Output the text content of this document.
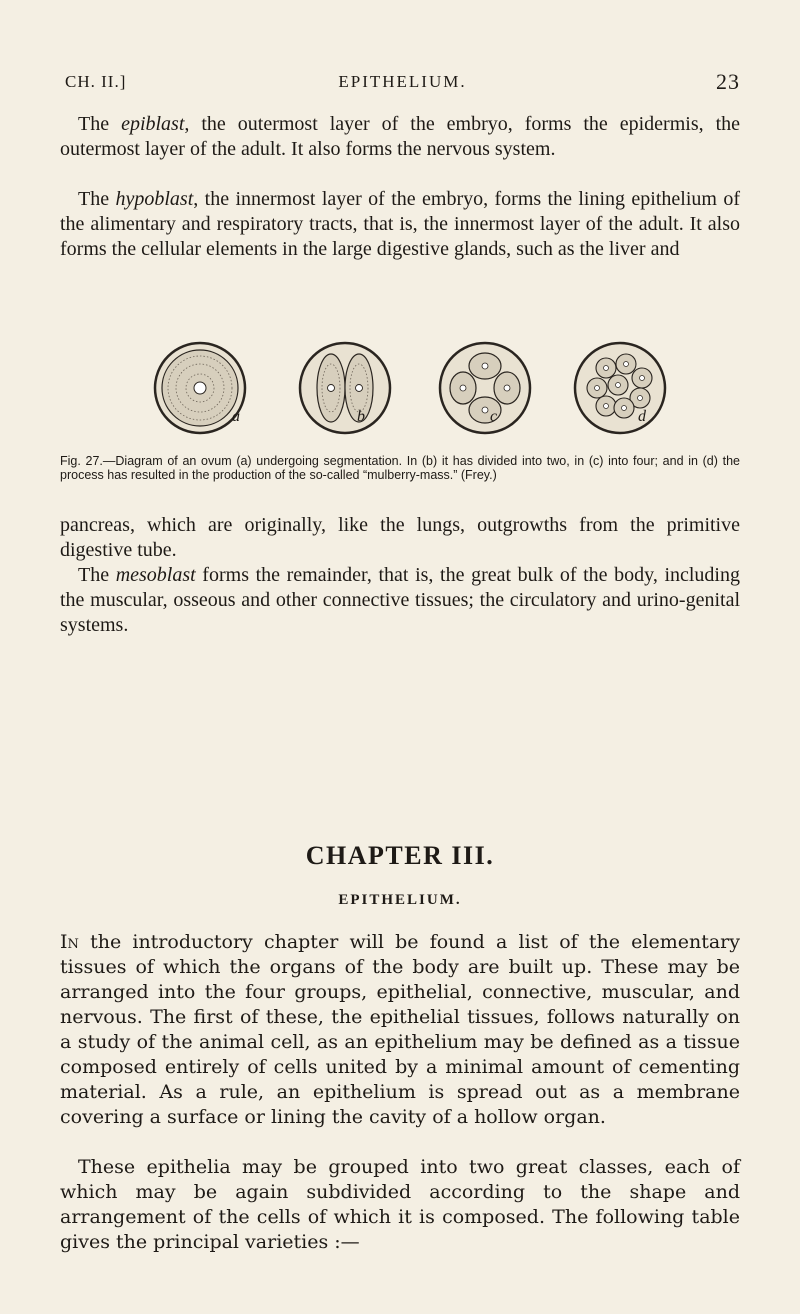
CH. II.]	EPITHELIUM.	23

The epiblast, the outermost layer of the embryo, forms the epidermis, the outermost layer of the adult. It also forms the nervous system.

The hypoblast, the innermost layer of the embryo, forms the lining epithelium of the alimentary and respiratory tracts, that is, the innermost layer of the adult. It also forms the cellular elements in the large digestive glands, such as the liver and

a	b	c	d

Fig. 27.—Diagram of an ovum (a) undergoing segmentation. In (b) it has divided into two, in (c) into four; and in (d) the process has resulted in the production of the so-called “mulberry-mass.” (Frey.)

pancreas, which are originally, like the lungs, outgrowths from the primitive digestive tube.

The mesoblast forms the remainder, that is, the great bulk of the body, including the muscular, osseous and other connective tissues; the circulatory and urino-genital systems.

CHAPTER III.
EPITHELIUM.

In the introductory chapter will be found a list of the elementary tissues of which the organs of the body are built up. These may be arranged into the four groups, epithelial, connective, muscular, and nervous. The first of these, the epithelial tissues, follows naturally on a study of the animal cell, as an epithelium may be defined as a tissue composed entirely of cells united by a minimal amount of cementing material. As a rule, an epithelium is spread out as a membrane covering a surface or lining the cavity of a hollow organ.

These epithelia may be grouped into two great classes, each of which may be again subdivided according to the shape and arrangement of the cells of which it is composed. The following table gives the principal varieties :—
